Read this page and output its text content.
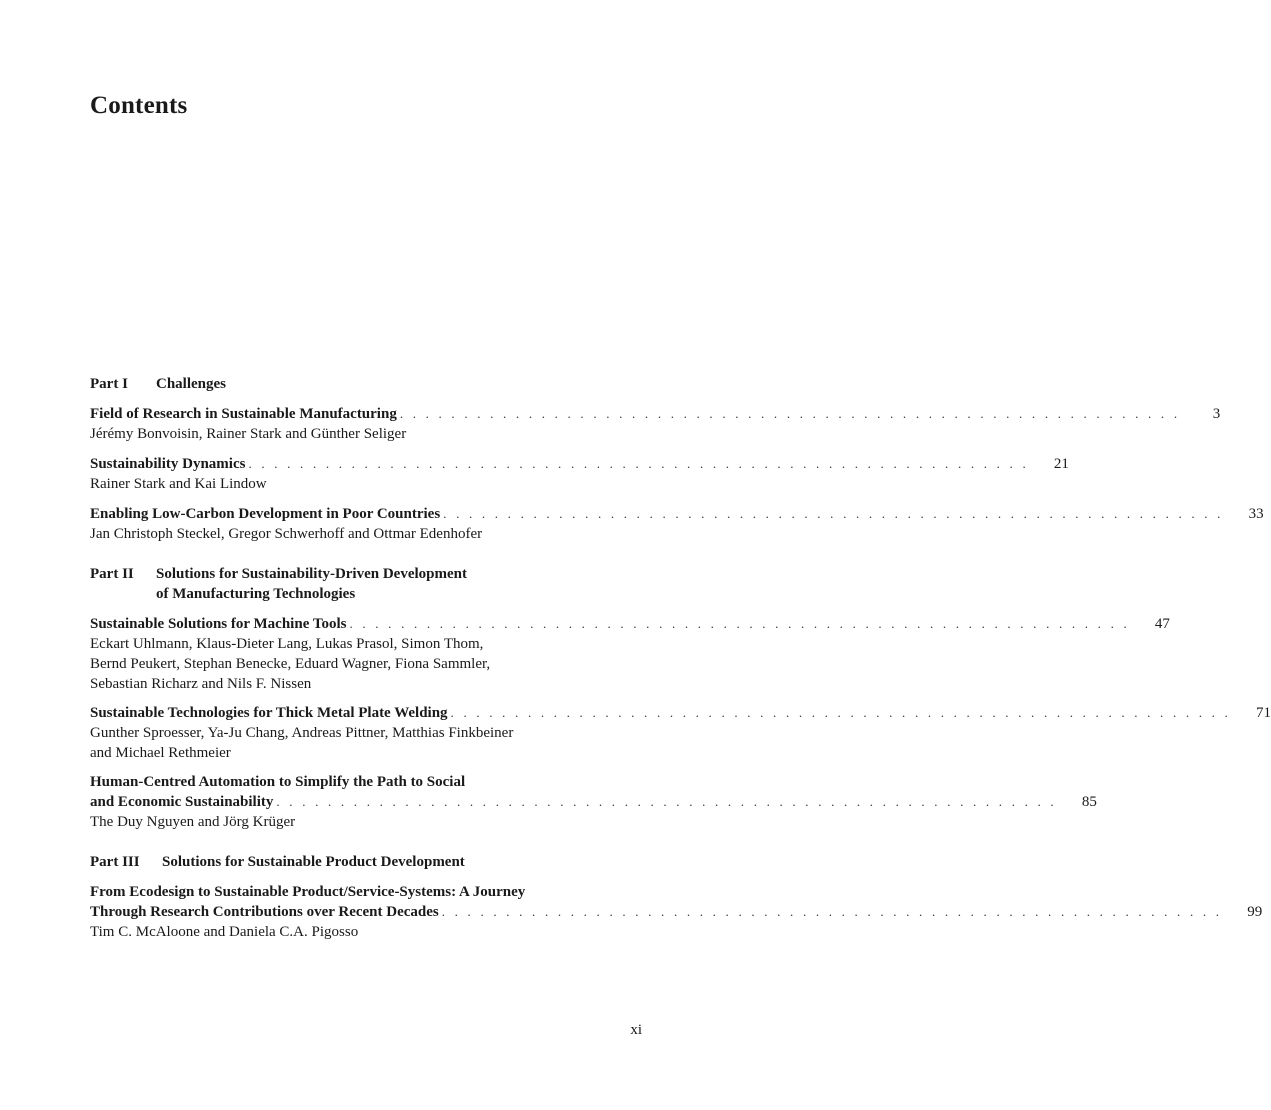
Contents
Part I Challenges
Field of Research in Sustainable Manufacturing . . . . . . . . . . . . . . . . . . . . . . . . . . . . . . . . . . . . . . . . . . . . . . . . . . . . . . . . . . . . .	3
Jérémy Bonvoisin, Rainer Stark and Günther Seliger
Sustainability Dynamics . . . . . . . . . . . . . . . . . . . . . . . . . . . . . . . . . . . . . . . . . . . . . . . . . . . . . . . . . . . . .	21
Rainer Stark and Kai Lindow
Enabling Low-Carbon Development in Poor Countries . . . . . . . . . . . . . . . . . . . . . . . . . . . . . . . . . . . . . . . . . . . . . . . . . . . . . . . . . . . . .	33
Jan Christoph Steckel, Gregor Schwerhoff and Ottmar Edenhofer
Part II Solutions for Sustainability-Driven Development
of Manufacturing Technologies
Sustainable Solutions for Machine Tools . . . . . . . . . . . . . . . . . . . . . . . . . . . . . . . . . . . . . . . . . . . . . . . . . . . . . . . . . . . . .	47
Eckart Uhlmann, Klaus-Dieter Lang, Lukas Prasol, Simon Thom,
Bernd Peukert, Stephan Benecke, Eduard Wagner, Fiona Sammler,
Sebastian Richarz and Nils F. Nissen
Sustainable Technologies for Thick Metal Plate Welding . . . . . . . . . . . . . . . . . . . . . . . . . . . . . . . . . . . . . . . . . . . . . . . . . . . . . . . . . . . . .	71
Gunther Sproesser, Ya-Ju Chang, Andreas Pittner, Matthias Finkbeiner
and Michael Rethmeier
Human-Centred Automation to Simplify the Path to Social
and Economic Sustainability . . . . . . . . . . . . . . . . . . . . . . . . . . . . . . . . . . . . . . . . . . . . . . . . . . . . . . . . . . . . .	85
The Duy Nguyen and Jörg Krüger
Part III Solutions for Sustainable Product Development
From Ecodesign to Sustainable Product/Service-Systems: A Journey
Through Research Contributions over Recent Decades . . . . . . . . . . . . . . . . . . . . . . . . . . . . . . . . . . . . . . . . . . . . . . . . . . . . . . . . . . . . .	99
Tim C. McAloone and Daniela C.A. Pigosso
xi
